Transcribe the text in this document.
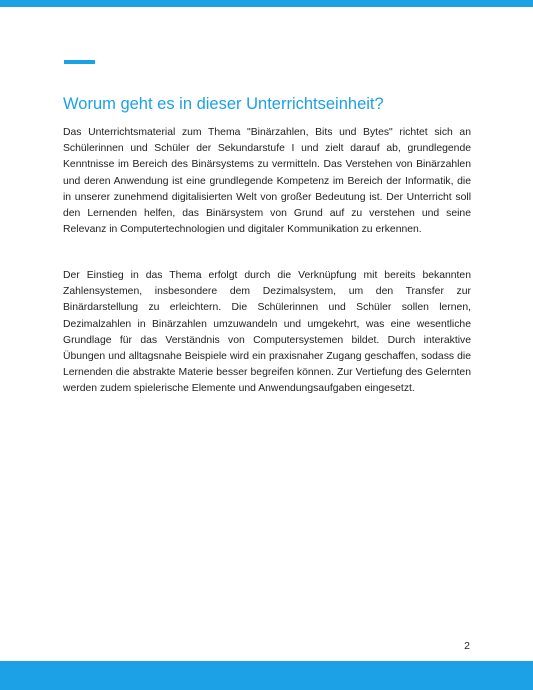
Worum geht es in dieser Unterrichtseinheit?

Das Unterrichtsmaterial zum Thema "Binärzahlen, Bits und Bytes" richtet sich an Schülerinnen und Schüler der Sekundarstufe I und zielt darauf ab, grundlegende Kenntnisse im Bereich des Binärsystems zu vermitteln. Das Verstehen von Binärzahlen und deren Anwendung ist eine grundlegende Kompetenz im Bereich der Informatik, die in unserer zunehmend digitalisierten Welt von großer Bedeutung ist. Der Unterricht soll den Lernenden helfen, das Binärsystem von Grund auf zu verstehen und seine Relevanz in Computertechnologien und digitaler Kommunikation zu erkennen.

Der Einstieg in das Thema erfolgt durch die Verknüpfung mit bereits bekannten Zahlensystemen, insbesondere dem Dezimalsystem, um den Transfer zur Binärdarstellung zu erleichtern. Die Schülerinnen und Schüler sollen lernen, Dezimalzahlen in Binärzahlen umzuwandeln und umgekehrt, was eine wesentliche Grundlage für das Verständnis von Computersystemen bildet. Durch interaktive Übungen und alltagsnahe Beispiele wird ein praxisnaher Zugang geschaffen, sodass die Lernenden die abstrakte Materie besser begreifen können. Zur Vertiefung des Gelernten werden zudem spielerische Elemente und Anwendungsaufgaben eingesetzt.

2
